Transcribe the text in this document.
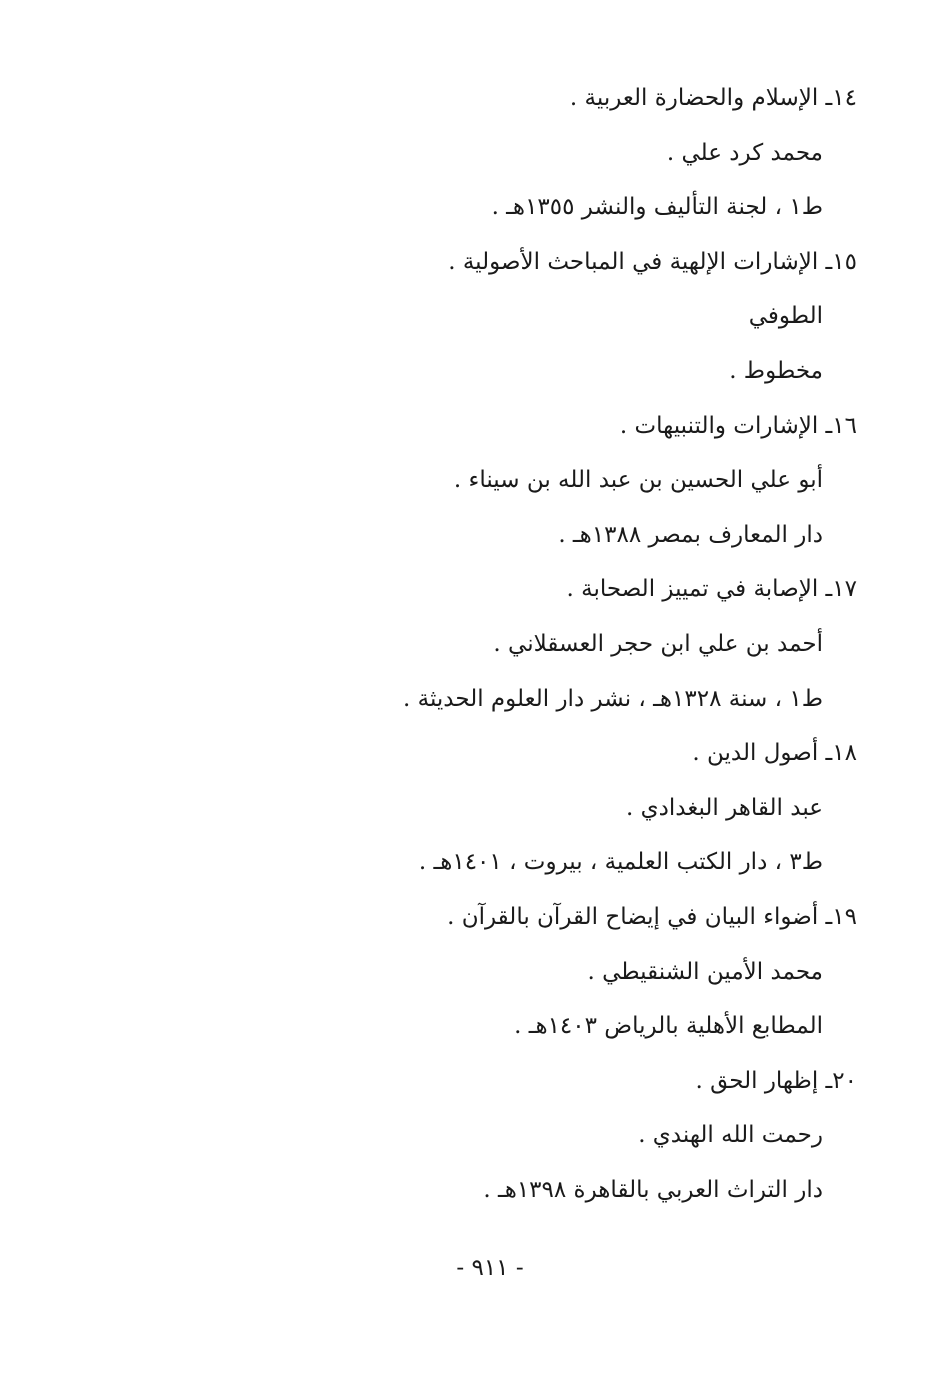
١٤ـ الإسلام والحضارة العربية .
محمد كرد علي .
ط١ ، لجنة التأليف والنشر ١٣٥٥هـ .
١٥ـ الإشارات الإلهية في المباحث الأصولية .
الطوفي
مخطوط .
١٦ـ الإشارات والتنبيهات .
أبو علي الحسين بن عبد الله بن سيناء .
دار المعارف بمصر ١٣٨٨هـ .
١٧ـ الإصابة في تمييز الصحابة .
أحمد بن علي ابن حجر العسقلاني .
ط١ ، سنة ١٣٢٨هـ ، نشر دار العلوم الحديثة .
١٨ـ أصول الدين .
عبد القاهر البغدادي .
ط٣ ، دار الكتب العلمية ، بيروت ، ١٤٠١هـ .
١٩ـ أضواء البيان في إيضاح القرآن بالقرآن .
محمد الأمين الشنقيطي .
المطابع الأهلية بالرياض ١٤٠٣هـ .
٢٠ـ إظهار الحق .
رحمت الله الهندي .
دار التراث العربي بالقاهرة ١٣٩٨هـ .
- ٩١١ -
